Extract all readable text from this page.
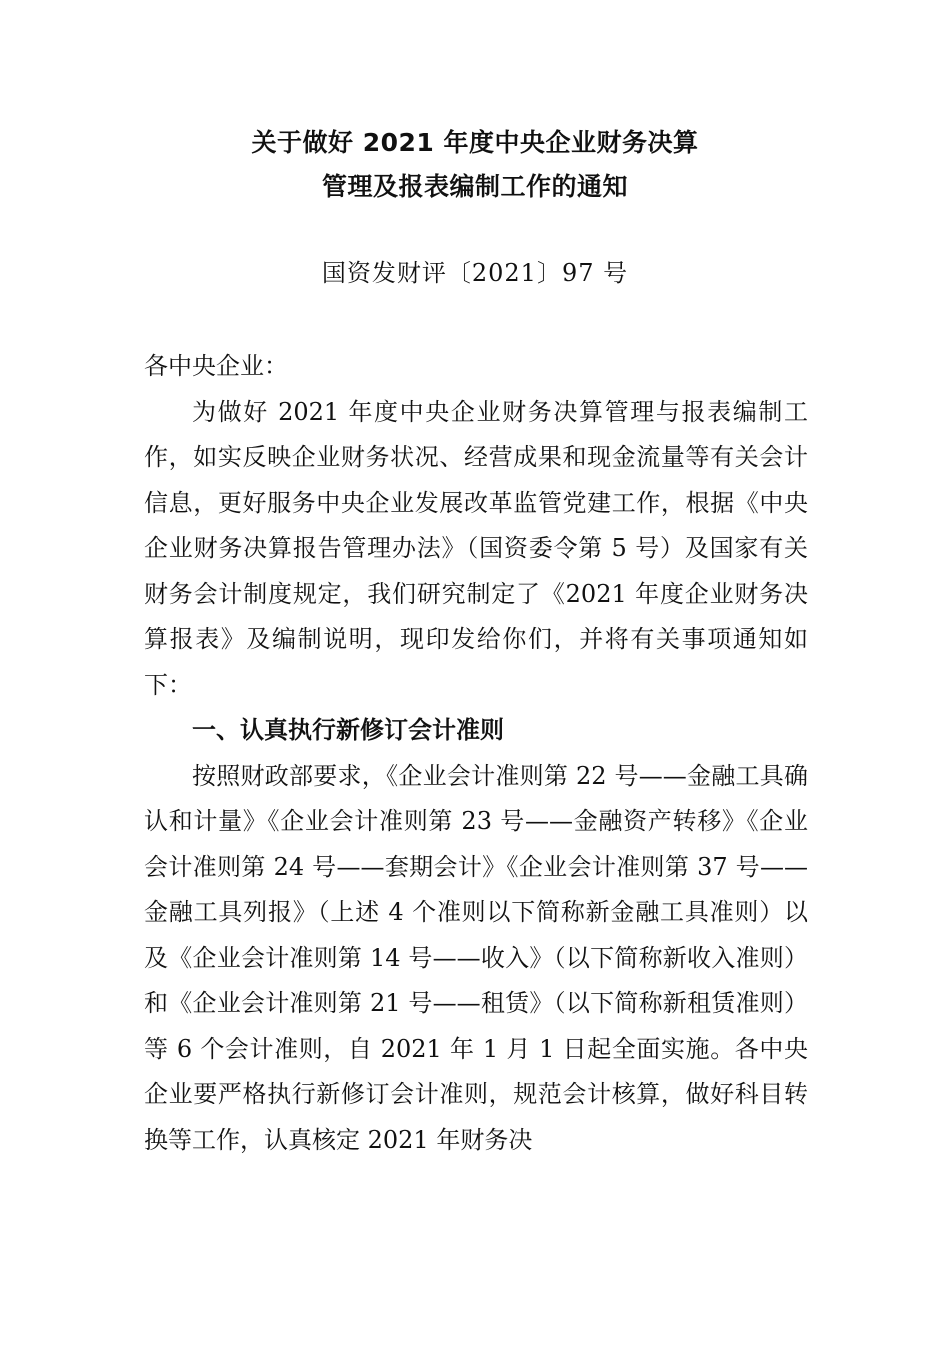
关于做好 2021 年度中央企业财务决算
管理及报表编制工作的通知

国资发财评〔2021〕97 号

各中央企业：

为做好 2021 年度中央企业财务决算管理与报表编制工作，如实反映企业财务状况、经营成果和现金流量等有关会计信息，更好服务中央企业发展改革监管党建工作，根据《中央企业财务决算报告管理办法》（国资委令第 5 号）及国家有关财务会计制度规定，我们研究制定了《2021 年度企业财务决算报表》及编制说明，现印发给你们，并将有关事项通知如下：

一、认真执行新修订会计准则

按照财政部要求，《企业会计准则第 22 号——金融工具确认和计量》《企业会计准则第 23 号——金融资产转移》《企业会计准则第 24 号——套期会计》《企业会计准则第 37 号——金融工具列报》（上述 4 个准则以下简称新金融工具准则）以及《企业会计准则第 14 号——收入》（以下简称新收入准则）和《企业会计准则第 21 号——租赁》（以下简称新租赁准则）等 6 个会计准则，自 2021 年 1 月 1 日起全面实施。各中央企业要严格执行新修订会计准则，规范会计核算，做好科目转换等工作，认真核定 2021 年财务决
